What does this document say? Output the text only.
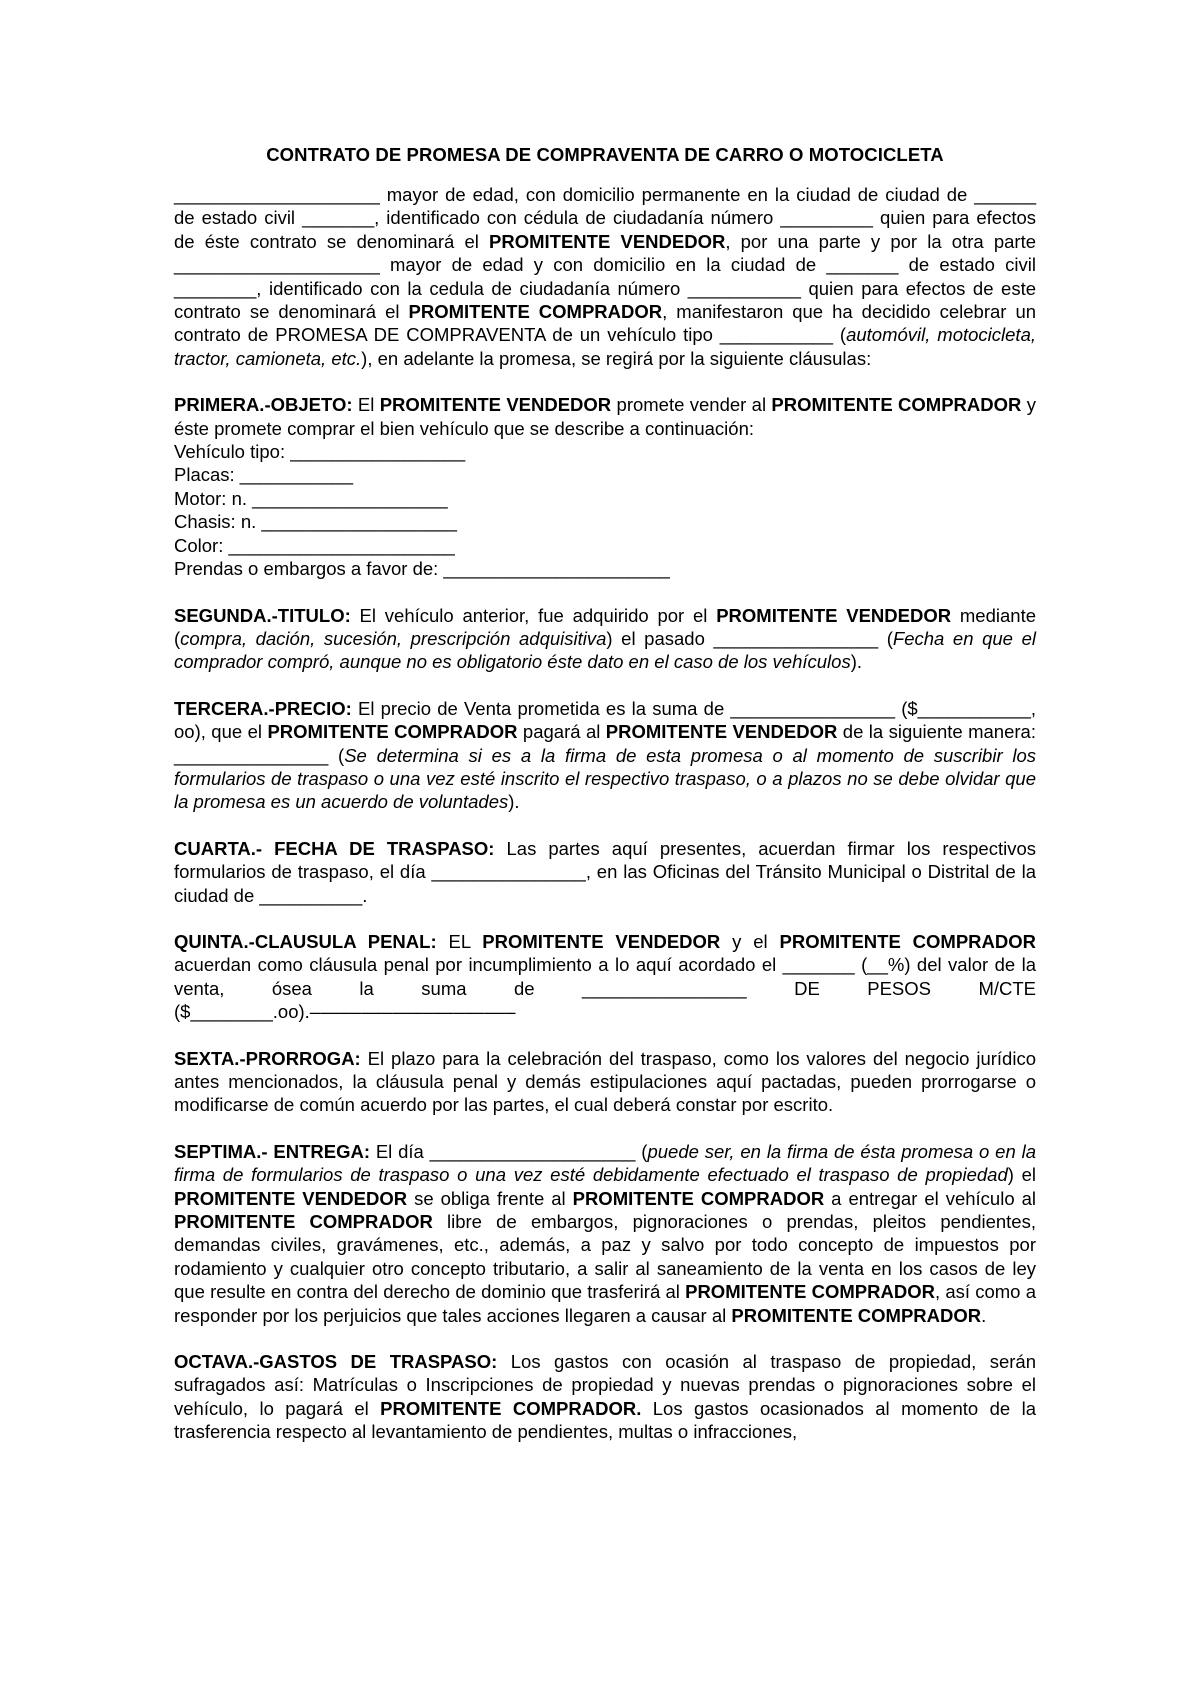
CONTRATO DE PROMESA DE COMPRAVENTA DE CARRO O MOTOCICLETA
____________________ mayor de edad, con domicilio permanente en la ciudad de ciudad de ______ de estado civil _______, identificado con cédula de ciudadanía número _________ quien para efectos de éste contrato se denominará el PROMITENTE VENDEDOR, por una parte y por la otra parte ____________________ mayor de edad y con domicilio en la ciudad de _______ de estado civil ________, identificado con la cedula de ciudadanía número ___________ quien para efectos de este contrato se denominará el PROMITENTE COMPRADOR, manifestaron que ha decidido celebrar un contrato de PROMESA DE COMPRAVENTA de un vehículo tipo ___________ (automóvil, motocicleta, tractor, camioneta, etc.), en adelante la promesa, se regirá por la siguiente cláusulas:
PRIMERA.-OBJETO: El PROMITENTE VENDEDOR promete vender al PROMITENTE COMPRADOR y éste promete comprar el bien vehículo que se describe a continuación:
Vehículo tipo: _________________
Placas: ___________
Motor: n. ___________________
Chasis: n. ___________________
Color: ______________________
Prendas o embargos a favor de: ______________________
SEGUNDA.-TITULO: El vehículo anterior, fue adquirido por el PROMITENTE VENDEDOR mediante (compra, dación, sucesión, prescripción adquisitiva) el pasado ________________ (Fecha en que el comprador compró, aunque no es obligatorio éste dato en el caso de los vehículos).
TERCERA.-PRECIO: El precio de Venta prometida es la suma de ________________ ($___________, oo), que el PROMITENTE COMPRADOR pagará al PROMITENTE VENDEDOR de la siguiente manera: _______________ (Se determina si es a la firma de esta promesa o al momento de suscribir los formularios de traspaso o una vez esté inscrito el respectivo traspaso, o a plazos no se debe olvidar que la promesa es un acuerdo de voluntades).
CUARTA.- FECHA DE TRASPASO: Las partes aquí presentes, acuerdan firmar los respectivos formularios de traspaso, el día _______________, en las Oficinas del Tránsito Municipal o Distrital de la ciudad de __________.
QUINTA.-CLAUSULA PENAL: EL PROMITENTE VENDEDOR y el PROMITENTE COMPRADOR acuerdan como cláusula penal por incumplimiento a lo aquí acordado el _______ (__%) del valor de la venta, ósea la suma de ________________ DE PESOS M/CTE ($________.oo).––––––––––––––––––––
SEXTA.-PRORROGA: El plazo para la celebración del traspaso, como los valores del negocio jurídico antes mencionados, la cláusula penal y demás estipulaciones aquí pactadas, pueden prorrogarse o modificarse de común acuerdo por las partes, el cual deberá constar por escrito.
SEPTIMA.- ENTREGA: El día ____________________ (puede ser, en la firma de ésta promesa o en la firma de formularios de traspaso o una vez esté debidamente efectuado el traspaso de propiedad) el PROMITENTE VENDEDOR se obliga frente al PROMITENTE COMPRADOR a entregar el vehículo al PROMITENTE COMPRADOR libre de embargos, pignoraciones o prendas, pleitos pendientes, demandas civiles, gravámenes, etc., además, a paz y salvo por todo concepto de impuestos por rodamiento y cualquier otro concepto tributario, a salir al saneamiento de la venta en los casos de ley que resulte en contra del derecho de dominio que trasferirá al PROMITENTE COMPRADOR, así como a responder por los perjuicios que tales acciones llegaren a causar al PROMITENTE COMPRADOR.
OCTAVA.-GASTOS DE TRASPASO: Los gastos con ocasión al traspaso de propiedad, serán sufragados así: Matrículas o Inscripciones de propiedad y nuevas prendas o pignoraciones sobre el vehículo, lo pagará el PROMITENTE COMPRADOR. Los gastos ocasionados al momento de la trasferencia respecto al levantamiento de pendientes, multas o infracciones,
